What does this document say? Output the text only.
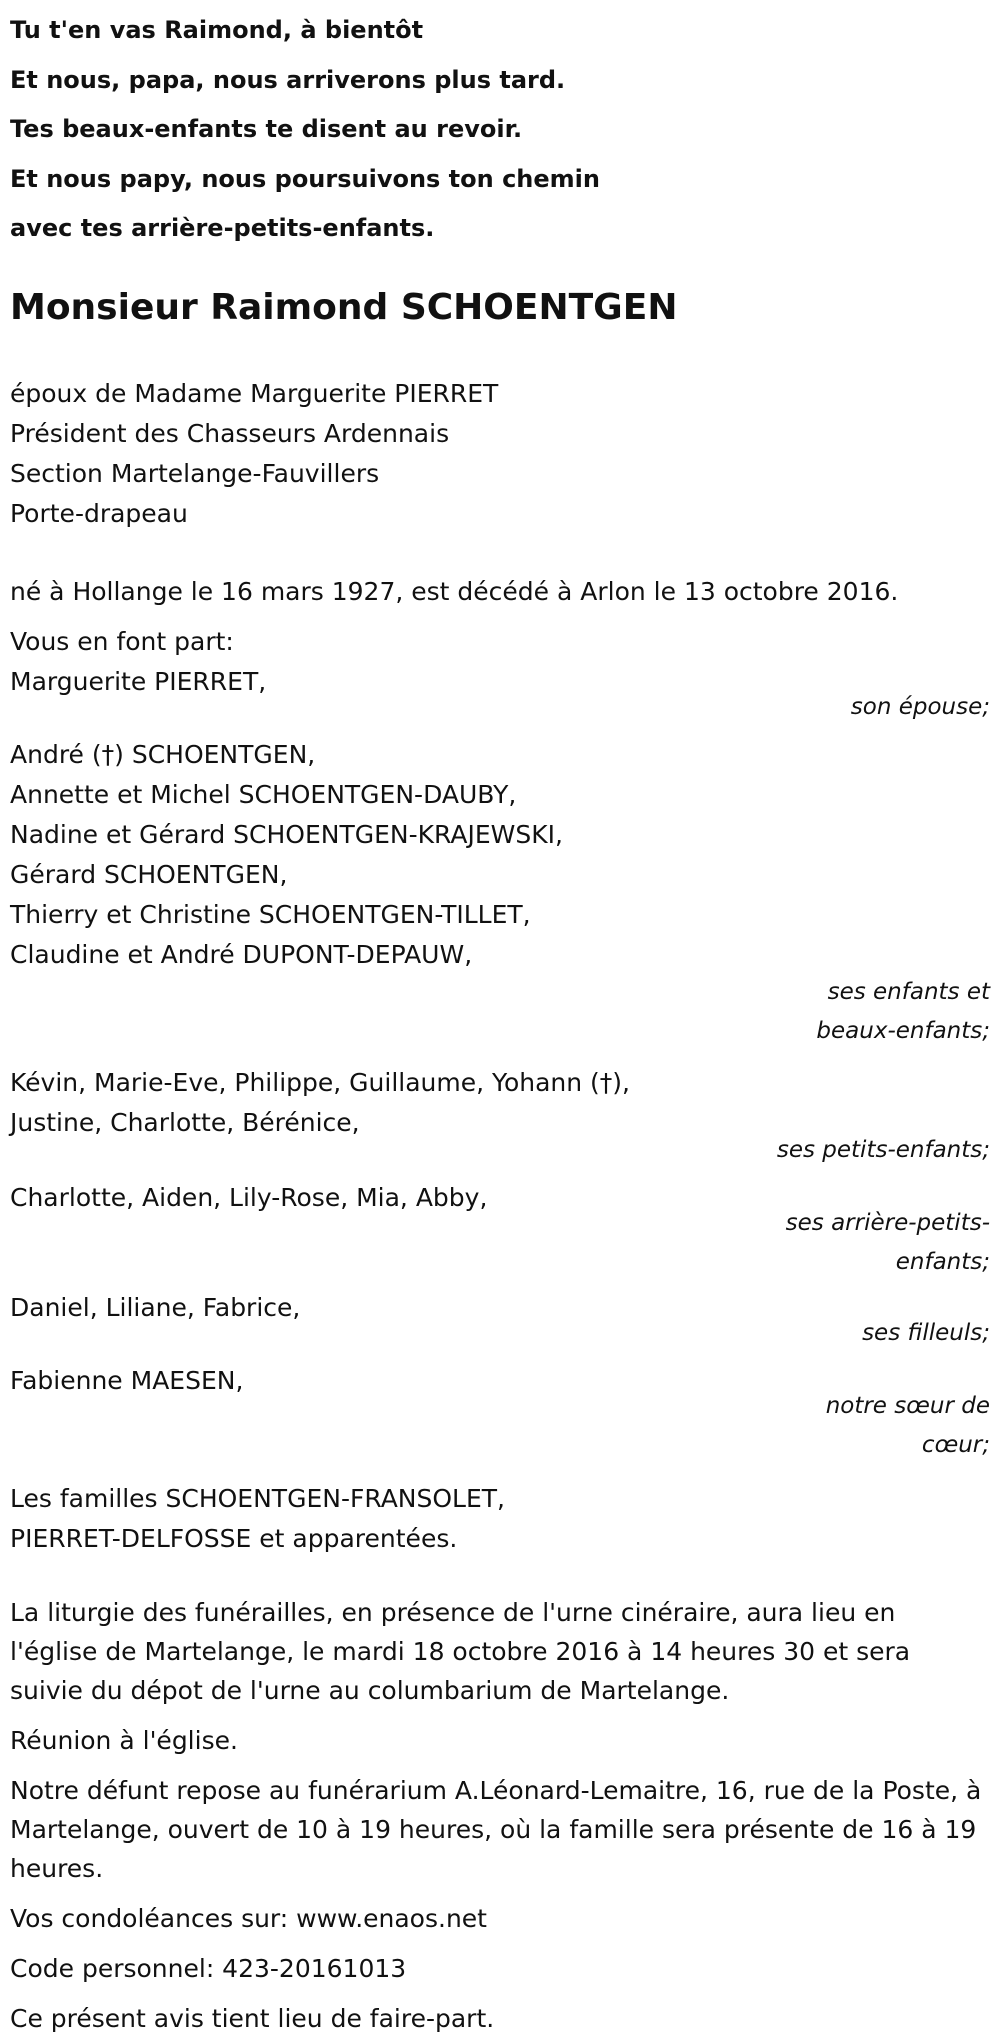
Tu t'en vas Raimond, à bientôt
Et nous, papa, nous arriverons plus tard.
Tes beaux-enfants te disent au revoir.
Et nous papy, nous poursuivons ton chemin
avec tes arrière-petits-enfants.
Monsieur Raimond SCHOENTGEN
époux de Madame Marguerite PIERRET
Président des Chasseurs Ardennais
Section Martelange-Fauvillers
Porte-drapeau
né à Hollange le 16 mars 1927, est décédé à Arlon le 13 octobre 2016.
Vous en font part:
Marguerite PIERRET,
son épouse;
André (†) SCHOENTGEN,
Annette et Michel SCHOENTGEN-DAUBY,
Nadine et Gérard SCHOENTGEN-KRAJEWSKI,
Gérard SCHOENTGEN,
Thierry et Christine SCHOENTGEN-TILLET,
Claudine et André DUPONT-DEPAUW,
ses enfants et beaux-enfants;
Kévin, Marie-Eve, Philippe, Guillaume, Yohann (†),
Justine, Charlotte, Bérénice,
ses petits-enfants;
Charlotte, Aiden, Lily-Rose, Mia, Abby,
ses arrière-petits-enfants;
Daniel, Liliane, Fabrice,
ses filleuls;
Fabienne MAESEN,
notre sœur de cœur;
Les familles SCHOENTGEN-FRANSOLET,
PIERRET-DELFOSSE et apparentées.

La liturgie des funérailles, en présence de l'urne cinéraire, aura lieu en l'église de Martelange, le mardi 18 octobre 2016 à 14 heures 30 et sera suivie du dépot de l'urne au columbarium de Martelange.

Réunion à l'église.

Notre défunt repose au funérarium A.Léonard-Lemaitre, 16, rue de la Poste, à Martelange, ouvert de 10 à 19 heures, où la famille sera présente de 16 à 19 heures.

Vos condoléances sur: www.enaos.net

Code personnel: 423-20161013

Ce présent avis tient lieu de faire-part.
